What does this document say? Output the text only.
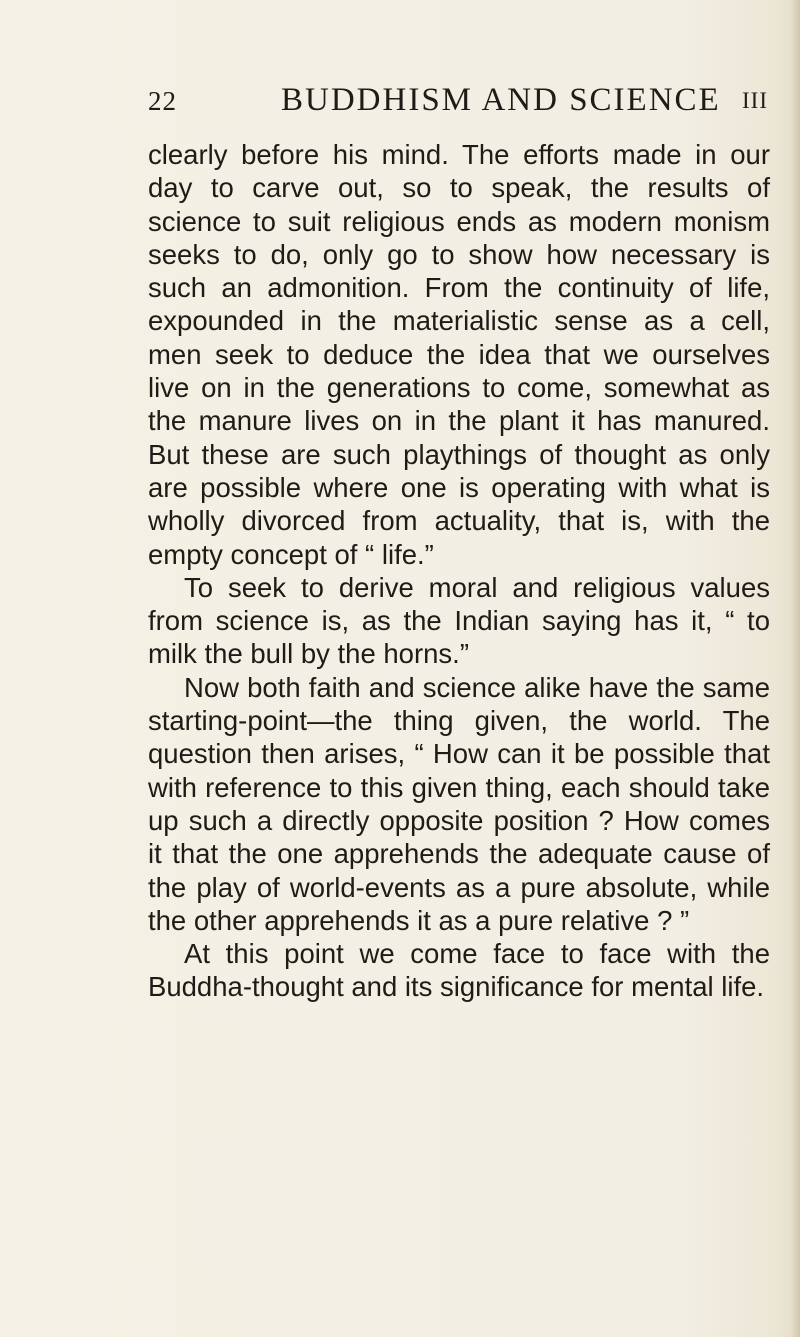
22	BUDDHISM AND SCIENCE III

clearly before his mind. The efforts made in our day to carve out, so to speak, the results of science to suit religious ends as modern monism seeks to do, only go to show how necessary is such an admonition. From the continuity of life, expounded in the materialistic sense as a cell, men seek to deduce the idea that we ourselves live on in the generations to come, somewhat as the manure lives on in the plant it has manured. But these are such playthings of thought as only are possible where one is operating with what is wholly divorced from actuality, that is, with the empty concept of “ life.”

To seek to derive moral and religious values from science is, as the Indian saying has it, “ to milk the bull by the horns.”

Now both faith and science alike have the same starting-point—the thing given, the world. The question then arises, “ How can it be possible that with reference to this given thing, each should take up such a directly opposite position ? How comes it that the one apprehends the adequate cause of the play of world-events as a pure absolute, while the other apprehends it as a pure relative ? ”

At this point we come face to face with the Buddha-thought and its significance for mental life.
